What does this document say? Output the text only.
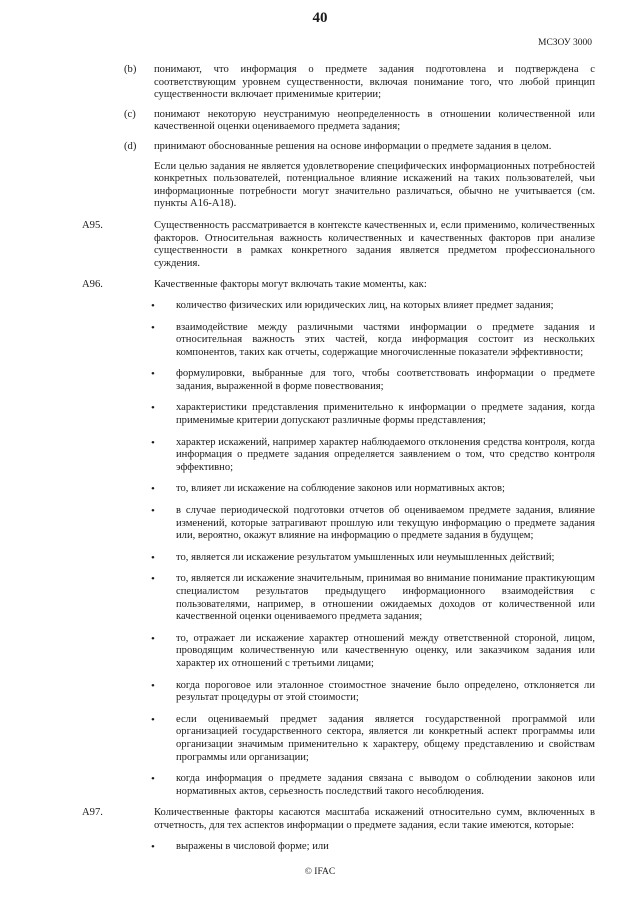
40
МСЗОУ 3000
(b) понимают, что информация о предмете задания подготовлена и подтверждена с соответствующим уровнем существенности, включая понимание того, что любой принцип существенности включает применимые критерии;
(c) понимают некоторую неустранимую неопределенность в отношении количественной или качественной оценки оцениваемого предмета задания;
(d) принимают обоснованные решения на основе информации о предмете задания в целом.
Если целью задания не является удовлетворение специфических информационных потребностей конкретных пользователей, потенциальное влияние искажений на таких пользователей, чьи информационные потребности могут значительно различаться, обычно не учитывается (см. пункты А16-А18).
А95.	Существенность рассматривается в контексте качественных и, если применимо, количественных факторов. Относительная важность количественных и качественных факторов при анализе существенности в рамках конкретного задания является предметом профессионального суждения.
А96.	Качественные факторы могут включать такие моменты, как:
• количество физических или юридических лиц, на которых влияет предмет задания;
• взаимодействие между различными частями информации о предмете задания и относительная важность этих частей, когда информация состоит из нескольких компонентов, таких как отчеты, содержащие многочисленные показатели эффективности;
• формулировки, выбранные для того, чтобы соответствовать информации о предмете задания, выраженной в форме повествования;
• характеристики представления применительно к информации о предмете задания, когда применимые критерии допускают различные формы представления;
• характер искажений, например характер наблюдаемого отклонения средства контроля, когда информация о предмете задания определяется заявлением о том, что средство контроля эффективно;
• то, влияет ли искажение на соблюдение законов или нормативных актов;
• в случае периодической подготовки отчетов об оцениваемом предмете задания, влияние изменений, которые затрагивают прошлую или текущую информацию о предмете задания или, вероятно, окажут влияние на информацию о предмете задания в будущем;
• то, является ли искажение результатом умышленных или неумышленных действий;
• то, является ли искажение значительным, принимая во внимание понимание практикующим специалистом результатов предыдущего информационного взаимодействия с пользователями, например, в отношении ожидаемых доходов от количественной или качественной оценки оцениваемого предмета задания;
• то, отражает ли искажение характер отношений между ответственной стороной, лицом, проводящим количественную или качественную оценку, или заказчиком задания или характер их отношений с третьими лицами;
• когда пороговое или эталонное стоимостное значение было определено, отклоняется ли результат процедуры от этой стоимости;
• если оцениваемый предмет задания является государственной программой или организацией государственного сектора, является ли конкретный аспект программы или организации значимым применительно к характеру, общему представлению и свойствам программы или организации;
• когда информация о предмете задания связана с выводом о соблюдении законов или нормативных актов, серьезность последствий такого несоблюдения.
А97.	Количественные факторы касаются масштаба искажений относительно сумм, включенных в отчетность, для тех аспектов информации о предмете задания, если такие имеются, которые:
• выражены в числовой форме; или
© IFAC
